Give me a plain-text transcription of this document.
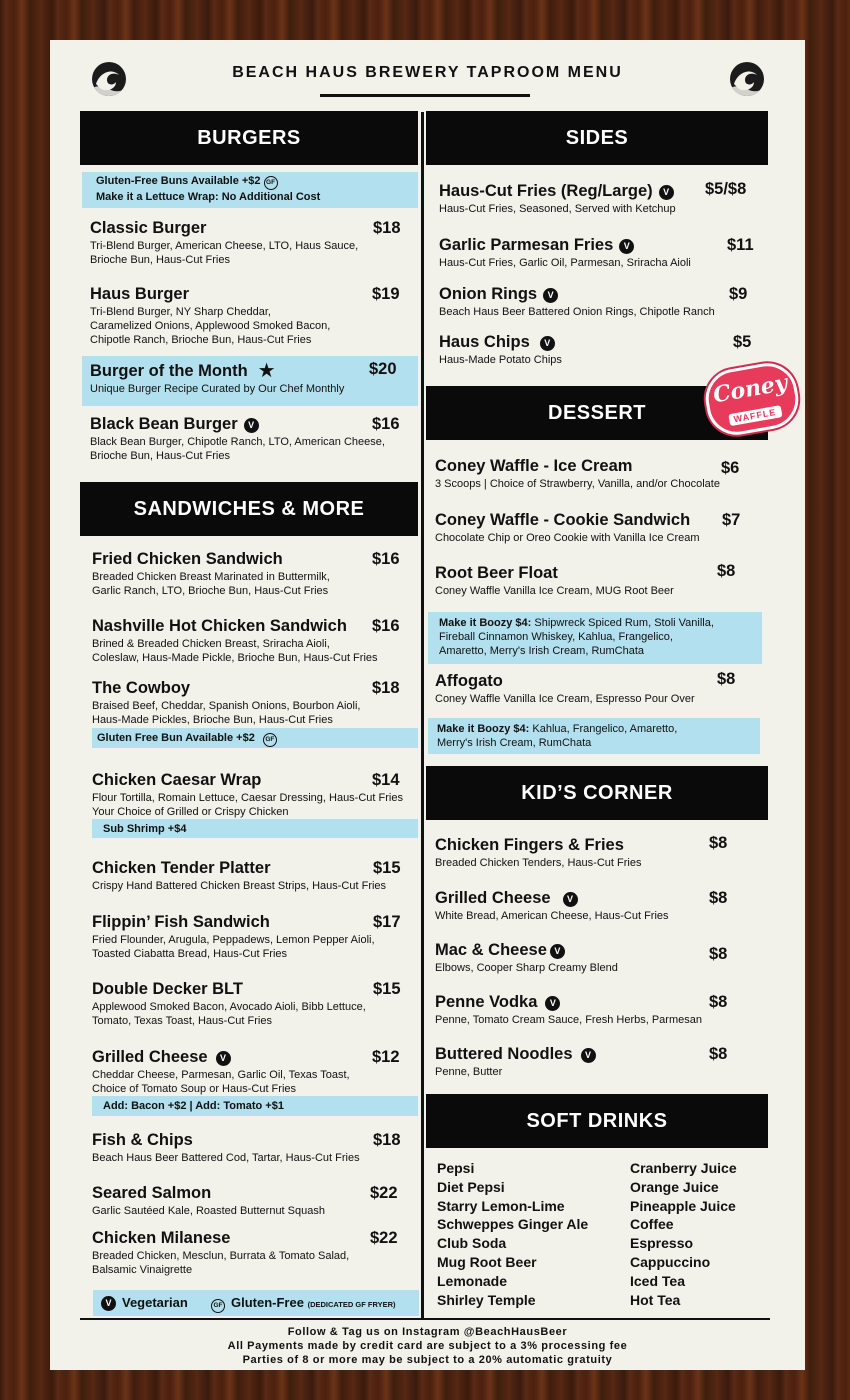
BEACH HAUS BREWERY TAPROOM MENU
BURGERS
Gluten-Free Buns Available +$2 GF
Make it a Lettuce Wrap: No Additional Cost
Classic Burger	$18
Tri-Blend Burger, American Cheese, LTO, Haus Sauce,
Brioche Bun, Haus-Cut Fries
Haus Burger	$19
Tri-Blend Burger, NY Sharp Cheddar,
Caramelized Onions, Applewood Smoked Bacon,
Chipotle Ranch, Brioche Bun, Haus-Cut Fries
Burger of the Month ★	$20
Unique Burger Recipe Curated by Our Chef Monthly
Black Bean Burger V	$16
Black Bean Burger, Chipotle Ranch, LTO, American Cheese,
Brioche Bun, Haus-Cut Fries
SANDWICHES & MORE
Fried Chicken Sandwich	$16
Breaded Chicken Breast Marinated in Buttermilk,
Garlic Ranch, LTO, Brioche Bun, Haus-Cut Fries
Nashville Hot Chicken Sandwich	$16
Brined & Breaded Chicken Breast, Sriracha Aioli,
Coleslaw, Haus-Made Pickle, Brioche Bun, Haus-Cut Fries
The Cowboy	$18
Braised Beef, Cheddar, Spanish Onions, Bourbon Aioli,
Haus-Made Pickles, Brioche Bun, Haus-Cut Fries
Gluten Free Bun Available +$2 GF
Chicken Caesar Wrap	$14
Flour Tortilla, Romain Lettuce, Caesar Dressing, Haus-Cut Fries
Your Choice of Grilled or Crispy Chicken
Sub Shrimp +$4
Chicken Tender Platter	$15
Crispy Hand Battered Chicken Breast Strips, Haus-Cut Fries
Flippin’ Fish Sandwich	$17
Fried Flounder, Arugula, Peppadews, Lemon Pepper Aioli,
Toasted Ciabatta Bread, Haus-Cut Fries
Double Decker BLT	$15
Applewood Smoked Bacon, Avocado Aioli, Bibb Lettuce,
Tomato, Texas Toast, Haus-Cut Fries
Grilled Cheese V	$12
Cheddar Cheese, Parmesan, Garlic Oil, Texas Toast,
Choice of Tomato Soup or Haus-Cut Fries
Add: Bacon +$2 | Add: Tomato +$1
Fish & Chips	$18
Beach Haus Beer Battered Cod, Tartar, Haus-Cut Fries
Seared Salmon	$22
Garlic Sautéed Kale, Roasted Butternut Squash
Chicken Milanese	$22
Breaded Chicken, Mesclun, Burrata & Tomato Salad,
Balsamic Vinaigrette
V Vegetarian	GF Gluten-Free (DEDICATED GF FRYER)
SIDES
Haus-Cut Fries (Reg/Large) V	$5/$8
Haus-Cut Fries, Seasoned, Served with Ketchup
Garlic Parmesan Fries V	$11
Haus-Cut Fries, Garlic Oil, Parmesan, Sriracha Aioli
Onion Rings V	$9
Beach Haus Beer Battered Onion Rings, Chipotle Ranch
Haus Chips V	$5
Haus-Made Potato Chips
DESSERT
Coney
WAFFLE
Coney Waffle - Ice Cream	$6
3 Scoops | Choice of Strawberry, Vanilla, and/or Chocolate
Coney Waffle - Cookie Sandwich	$7
Chocolate Chip or Oreo Cookie with Vanilla Ice Cream
Root Beer Float	$8
Coney Waffle Vanilla Ice Cream, MUG Root Beer
Make it Boozy $4: Shipwreck Spiced Rum, Stoli Vanilla,
Fireball Cinnamon Whiskey, Kahlua, Frangelico,
Amaretto, Merry's Irish Cream, RumChata
Affogato	$8
Coney Waffle Vanilla Ice Cream, Espresso Pour Over
Make it Boozy $4: Kahlua, Frangelico, Amaretto,
Merry's Irish Cream, RumChata
KID’S CORNER
Chicken Fingers & Fries	$8
Breaded Chicken Tenders, Haus-Cut Fries
Grilled Cheese V	$8
White Bread, American Cheese, Haus-Cut Fries
Mac & Cheese V	$8
Elbows, Cooper Sharp Creamy Blend
Penne Vodka V	$8
Penne, Tomato Cream Sauce, Fresh Herbs, Parmesan
Buttered Noodles V	$8
Penne, Butter
SOFT DRINKS
Pepsi
Diet Pepsi
Starry Lemon-Lime
Schweppes Ginger Ale
Club Soda
Mug Root Beer
Lemonade
Shirley Temple
Cranberry Juice
Orange Juice
Pineapple Juice
Coffee
Espresso
Cappuccino
Iced Tea
Hot Tea
Follow & Tag us on Instagram @BeachHausBeer
All Payments made by credit card are subject to a 3% processing fee
Parties of 8 or more may be subject to a 20% automatic gratuity
